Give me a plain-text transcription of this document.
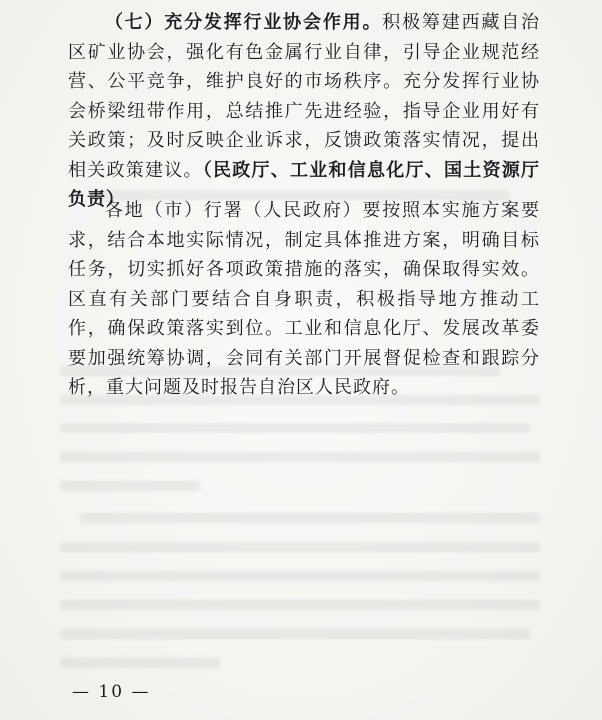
（七）充分发挥行业协会作用。积极筹建西藏自治区矿业协会，强化有色金属行业自律，引导企业规范经营、公平竞争，维护良好的市场秩序。充分发挥行业协会桥梁纽带作用，总结推广先进经验，指导企业用好有关政策；及时反映企业诉求，反馈政策落实情况，提出相关政策建议。（民政厅、工业和信息化厅、国土资源厅负责）

各地（市）行署（人民政府）要按照本实施方案要求，结合本地实际情况，制定具体推进方案，明确目标任务，切实抓好各项政策措施的落实，确保取得实效。区直有关部门要结合自身职责，积极指导地方推动工作，确保政策落实到位。工业和信息化厅、发展改革委要加强统筹协调，会同有关部门开展督促检查和跟踪分析，重大问题及时报告自治区人民政府。

— 10 —
